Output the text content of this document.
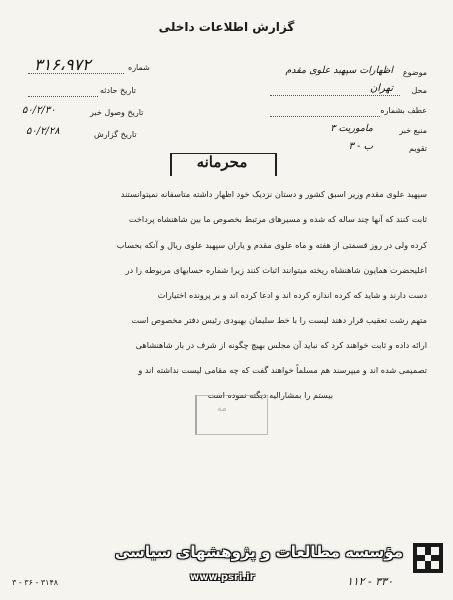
گزارش اطلاعات داخلی
شماره
۳۱۶،۹۷۲
تاریخ حادثه
تاریخ وصول خبر
۵۰/۲/۳۰
تاریخ گزارش
۵۰/۲/۲۸
موضوع
اظهارات سپهبد علوی مقدم
محل
تهران
عطف بشماره
منبع خبر
ماموریت ۳
تقویم
ب - ۳
محرمانه
سپهبد علوی مقدم وزیر اسبق کشور و دستان نزدیک خود اظهار داشته متاسفانه نمیتوانستند
ثابت کنند که آنها چند ساله که شده و مسیرهای مرتبط بخصوص ما بین شاهنشاه پرداخت
کرده ولی در روز قسمتی از هفته و ماه علوی مقدم و یاران سپهبد علوی ریال و آنکه بحساب
اعلیحضرت همایون شاهنشاه ریخته میتوانند اثبات کنند زیرا شماره حسابهای مربوطه را در
دست دارند و شاید که کرده اندازه کرده اند و ادعا کرده اند و بر پرونده اختیارات
متهم رشت تعقیب قرار دهند لیست را با خط سلیمان بهبودی رئیس دفتر مخصوص است
ارائه داده و ثابت خواهند کرد که نباید آن مجلس بهیچ چگونه از شرف در بار شاهنشاهی
تصمیمی شده اند و میپرسند هم مسلماً خواهند گفت که چه مقامی لیست نداشته اند و
بیستم را بمشارالیه دیگته نموده است
مه
مؤسسه مطالعات و پژوهشهای سیاسی
www.psri.ir	۳۳۰ - ۱۱۲
۳۱۴۸ - ۳۶ - ۳
